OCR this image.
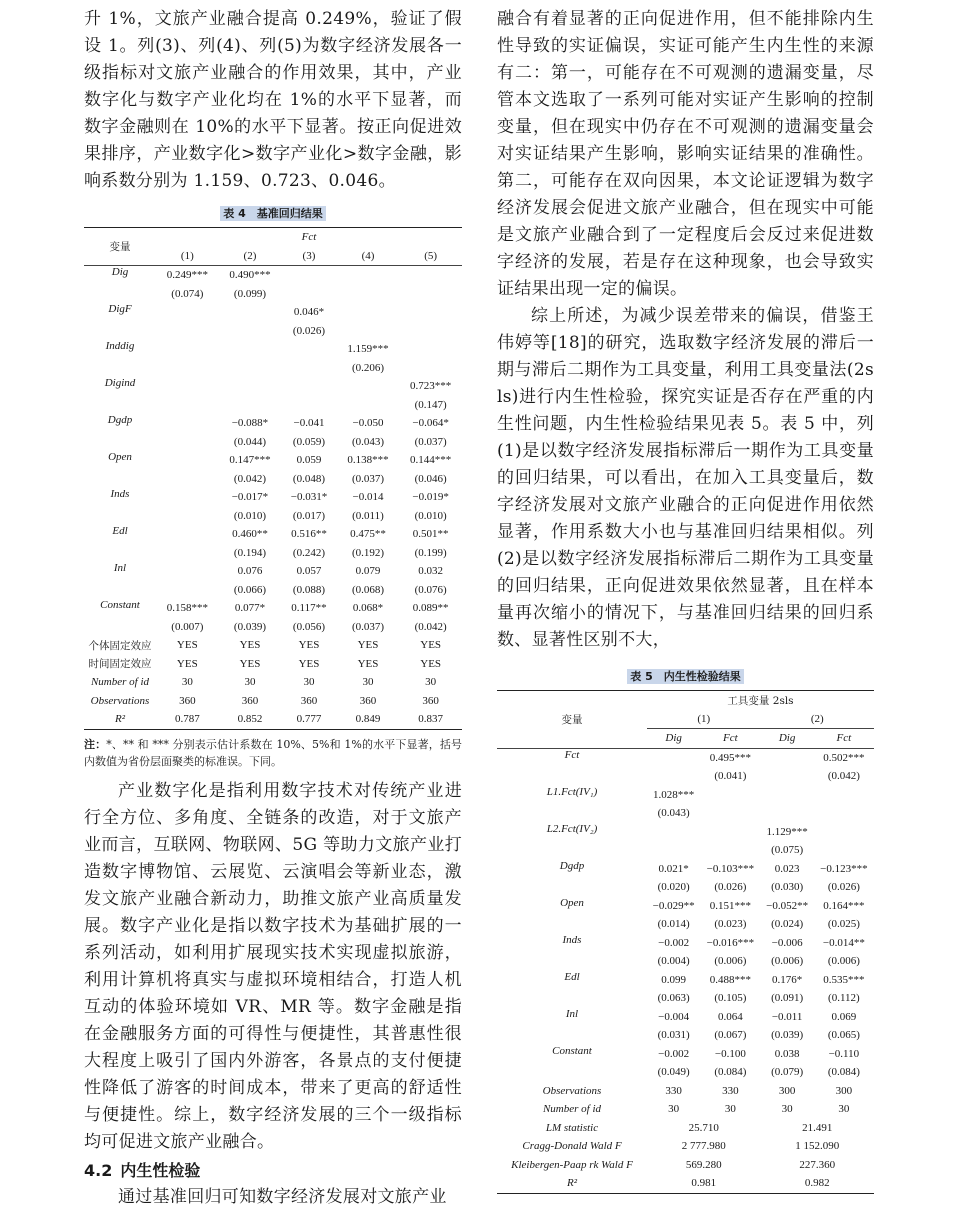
升 1%，文旅产业融合提高 0.249%，验证了假设 1。列(3)、列(4)、列(5)为数字经济发展各一级指标对文旅产业融合的作用效果，其中，产业数字化与数字产业化均在 1%的水平下显著，而数字金融则在 10%的水平下显著。按正向促进效果排序，产业数字化>数字产业化>数字金融，影响系数分别为 1.159、0.723、0.046。

表 4　基准回归结果
变量	Fct				
	(1)	(2)	(3)	(4)	(5)
Dig	0.249***	0.490***			
	(0.074)	(0.099)			
DigF			0.046*		
			(0.026)		
Inddig				1.159***	
				(0.206)	
Digind					0.723***
					(0.147)
Dgdp		−0.088*	−0.041	−0.050	−0.064*
		(0.044)	(0.059)	(0.043)	(0.037)
Open		0.147***	0.059	0.138***	0.144***
		(0.042)	(0.048)	(0.037)	(0.046)
Inds		−0.017*	−0.031*	−0.014	−0.019*
		(0.010)	(0.017)	(0.011)	(0.010)
Edl		0.460**	0.516**	0.475**	0.501**
		(0.194)	(0.242)	(0.192)	(0.199)
Inl		0.076	0.057	0.079	0.032
		(0.066)	(0.088)	(0.068)	(0.076)
Constant	0.158***	0.077*	0.117**	0.068*	0.089**
	(0.007)	(0.039)	(0.056)	(0.037)	(0.042)
个体固定效应	YES	YES	YES	YES	YES
时间固定效应	YES	YES	YES	YES	YES
Number of id	30	30	30	30	30
Observations	360	360	360	360	360
R²	0.787	0.852	0.777	0.849	0.837
注：*、** 和 *** 分别表示估计系数在 10%、5%和 1%的水平下显著，括号内数值为省份层面聚类的标准误。下同。

产业数字化是指利用数字技术对传统产业进行全方位、多角度、全链条的改造，对于文旅产业而言，互联网、物联网、5G 等助力文旅产业打造数字博物馆、云展览、云演唱会等新业态，激发文旅产业融合新动力，助推文旅产业高质量发展。数字产业化是指以数字技术为基础扩展的一系列活动，如利用扩展现实技术实现虚拟旅游，利用计算机将真实与虚拟环境相结合，打造人机互动的体验环境如 VR、MR 等。数字金融是指在金融服务方面的可得性与便捷性，其普惠性很大程度上吸引了国内外游客，各景点的支付便捷性降低了游客的时间成本，带来了更高的舒适性与便捷性。综上，数字经济发展的三个一级指标均可促进文旅产业融合。

4.2 内生性检验

通过基准回归可知数字经济发展对文旅产业

融合有着显著的正向促进作用，但不能排除内生性导致的实证偏误，实证可能产生内生性的来源有二：第一，可能存在不可观测的遗漏变量，尽管本文选取了一系列可能对实证产生影响的控制变量，但在现实中仍存在不可观测的遗漏变量会对实证结果产生影响，影响实证结果的准确性。第二，可能存在双向因果，本文论证逻辑为数字经济发展会促进文旅产业融合，但在现实中可能是文旅产业融合到了一定程度后会反过来促进数字经济的发展，若是存在这种现象，也会导致实证结果出现一定的偏误。

综上所述，为减少误差带来的偏误，借鉴王伟婷等[18]的研究，选取数字经济发展的滞后一期与滞后二期作为工具变量，利用工具变量法(2sls)进行内生性检验，探究实证是否存在严重的内生性问题，内生性检验结果见表 5。表 5 中，列(1)是以数字经济发展指标滞后一期作为工具变量的回归结果，可以看出，在加入工具变量后，数字经济发展对文旅产业融合的正向促进作用依然显著，作用系数大小也与基准回归结果相似。列(2)是以数字经济发展指标滞后二期作为工具变量的回归结果，正向促进效果依然显著，且在样本量再次缩小的情况下，与基准回归结果的回归系数、显著性区别不大，

表 5　内生性检验结果
变量	工具变量 2sls			
	(1)		(2)	
	Dig	Fct	Dig	Fct
Fct		0.495***		0.502***
		(0.041)		(0.042)
L1.Fct(IV₁)	1.028***			
	(0.043)			
L2.Fct(IV₂)			1.129***	
			(0.075)	
Dgdp	0.021*	−0.103***	0.023	−0.123***
	(0.020)	(0.026)	(0.030)	(0.026)
Open	−0.029**	0.151***	−0.052**	0.164***
	(0.014)	(0.023)	(0.024)	(0.025)
Inds	−0.002	−0.016***	−0.006	−0.014**
	(0.004)	(0.006)	(0.006)	(0.006)
Edl	0.099	0.488***	0.176*	0.535***
	(0.063)	(0.105)	(0.091)	(0.112)
Inl	−0.004	0.064	−0.011	0.069
	(0.031)	(0.067)	(0.039)	(0.065)
Constant	−0.002	−0.100	0.038	−0.110
	(0.049)	(0.084)	(0.079)	(0.084)
Observations	330	330	300	300
Number of id	30	30	30	30
LM statistic	25.710		21.491	
Cragg-Donald Wald F	2 777.980		1 152.090	
Kleibergen-Paap rk Wald F	569.280		227.360	
R²	0.981		0.982	
